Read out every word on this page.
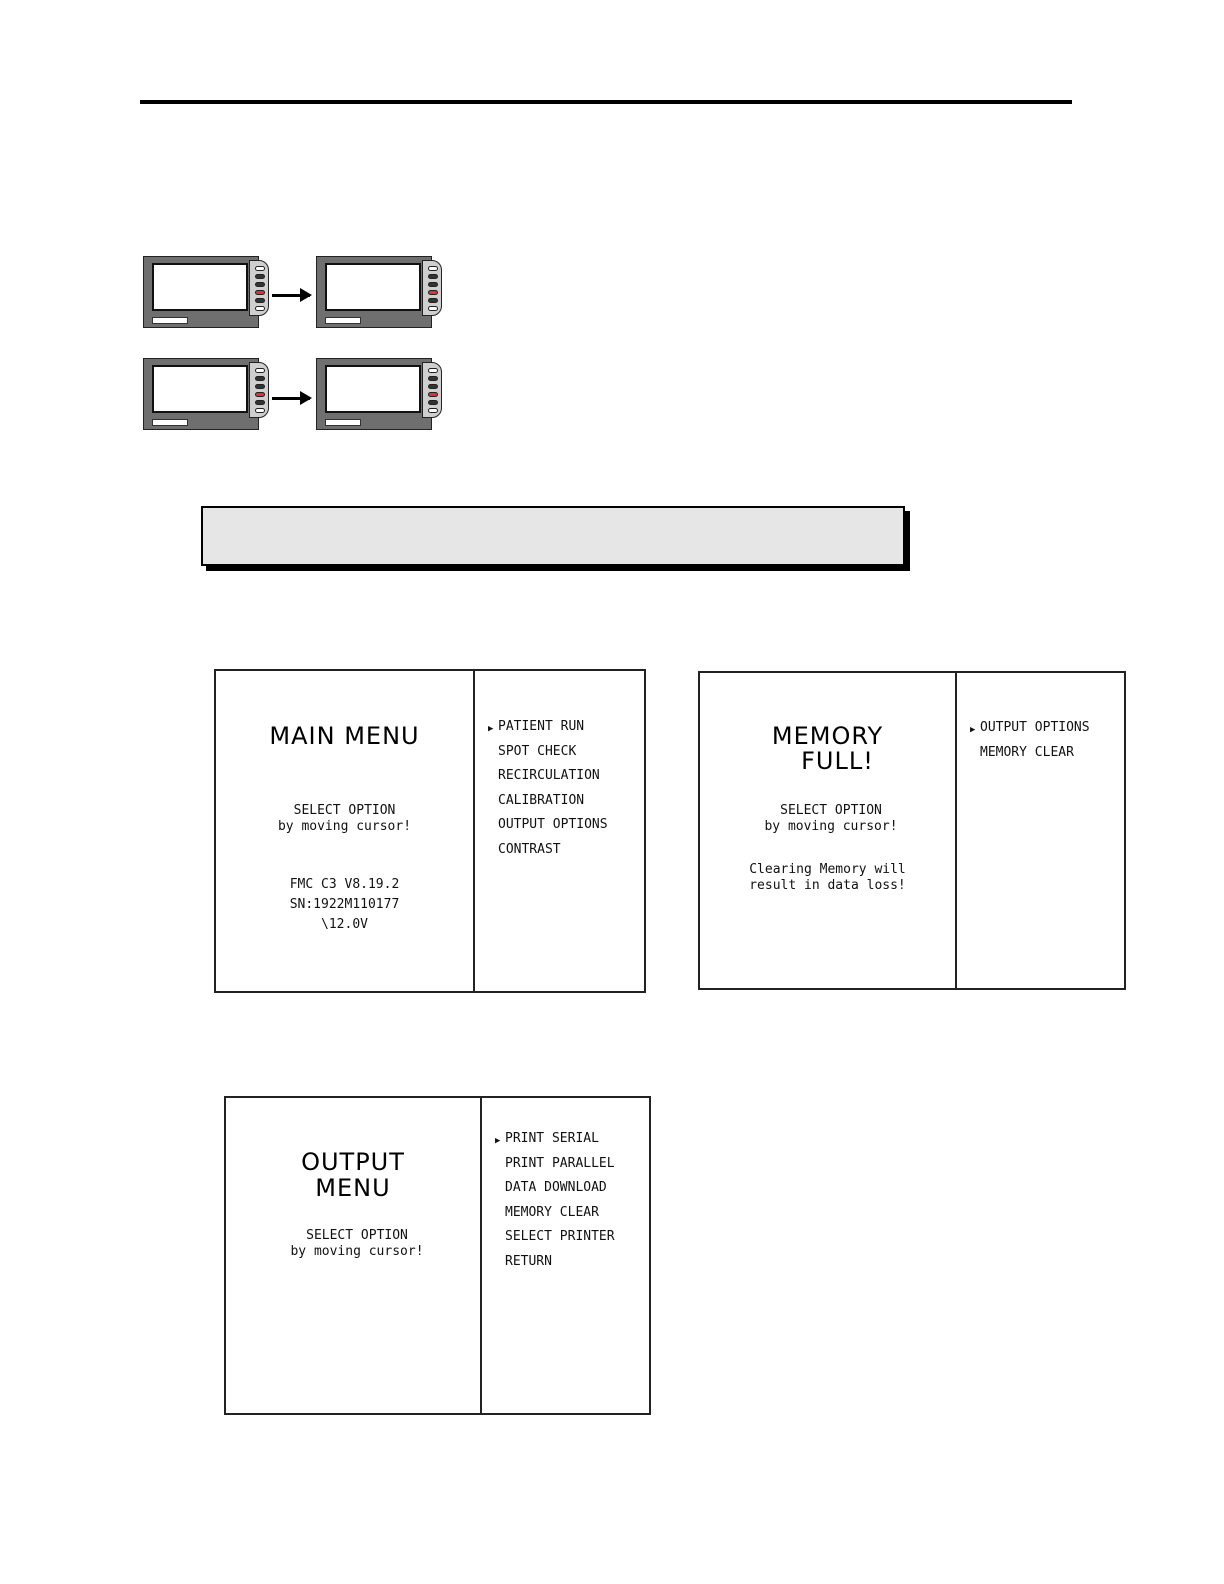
MAIN MENU
SELECT OPTION
by moving cursor!
FMC C3 V8.19.2
SN:1922M110177
\12.0V
▶ PATIENT RUN
SPOT CHECK
RECIRCULATION
CALIBRATION
OUTPUT OPTIONS
CONTRAST
MEMORY
FULL!
SELECT OPTION
by moving cursor!
Clearing Memory will
result in data loss!
▶ OUTPUT OPTIONS
MEMORY CLEAR
OUTPUT
MENU
SELECT OPTION
by moving cursor!
▶ PRINT SERIAL
PRINT PARALLEL
DATA DOWNLOAD
MEMORY CLEAR
SELECT PRINTER
RETURN
